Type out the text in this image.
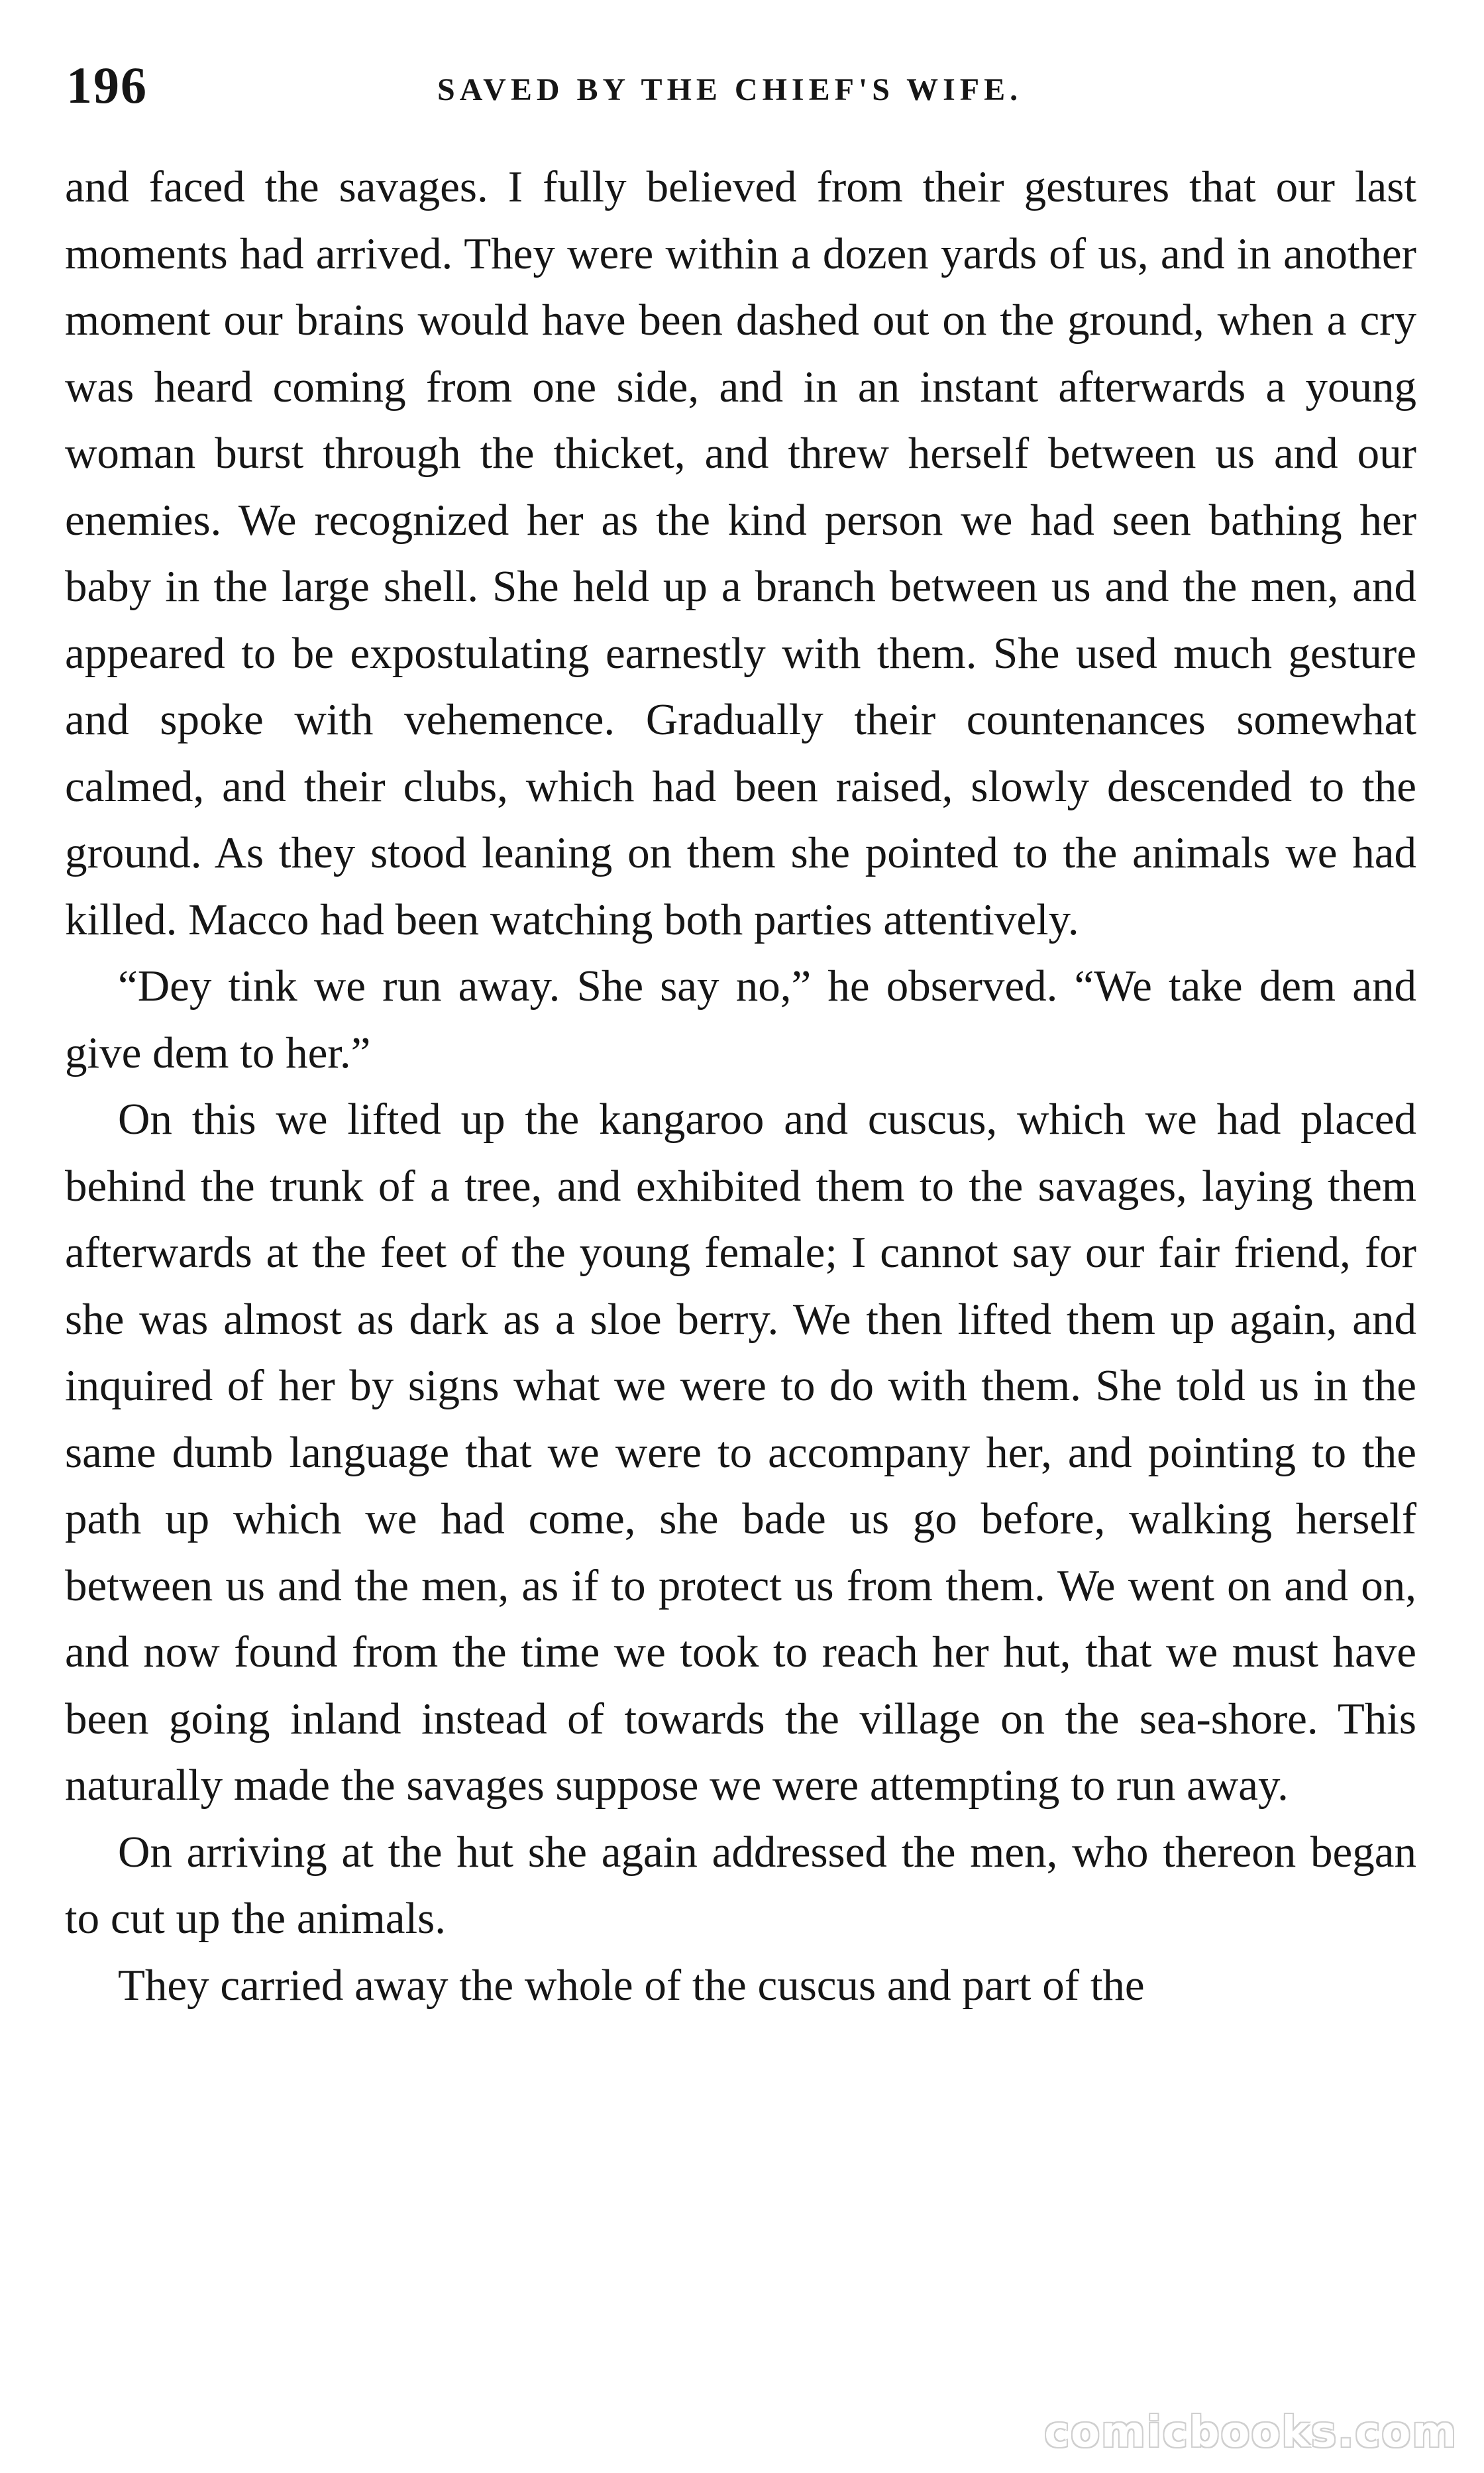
196	SAVED BY THE CHIEF'S WIFE.

and faced the savages. I fully believed from their gestures that our last moments had arrived. They were within a dozen yards of us, and in another moment our brains would have been dashed out on the ground, when a cry was heard coming from one side, and in an instant afterwards a young woman burst through the thicket, and threw herself between us and our enemies. We recognized her as the kind person we had seen bathing her baby in the large shell. She held up a branch between us and the men, and appeared to be expostulating earnestly with them. She used much gesture and spoke with vehemence. Gradually their countenances somewhat calmed, and their clubs, which had been raised, slowly descended to the ground. As they stood leaning on them she pointed to the animals we had killed. Macco had been watching both parties attentively.

“Dey tink we run away. She say no,” he observed. “We take dem and give dem to her.”

On this we lifted up the kangaroo and cuscus, which we had placed behind the trunk of a tree, and exhibited them to the savages, laying them afterwards at the feet of the young female; I cannot say our fair friend, for she was almost as dark as a sloe berry. We then lifted them up again, and inquired of her by signs what we were to do with them. She told us in the same dumb language that we were to accompany her, and pointing to the path up which we had come, she bade us go before, walking herself between us and the men, as if to protect us from them. We went on and on, and now found from the time we took to reach her hut, that we must have been going inland instead of towards the village on the sea-shore. This naturally made the savages suppose we were attempting to run away.

On arriving at the hut she again addressed the men, who thereon began to cut up the animals.

They carried away the whole of the cuscus and part of the

comicbooks.com
